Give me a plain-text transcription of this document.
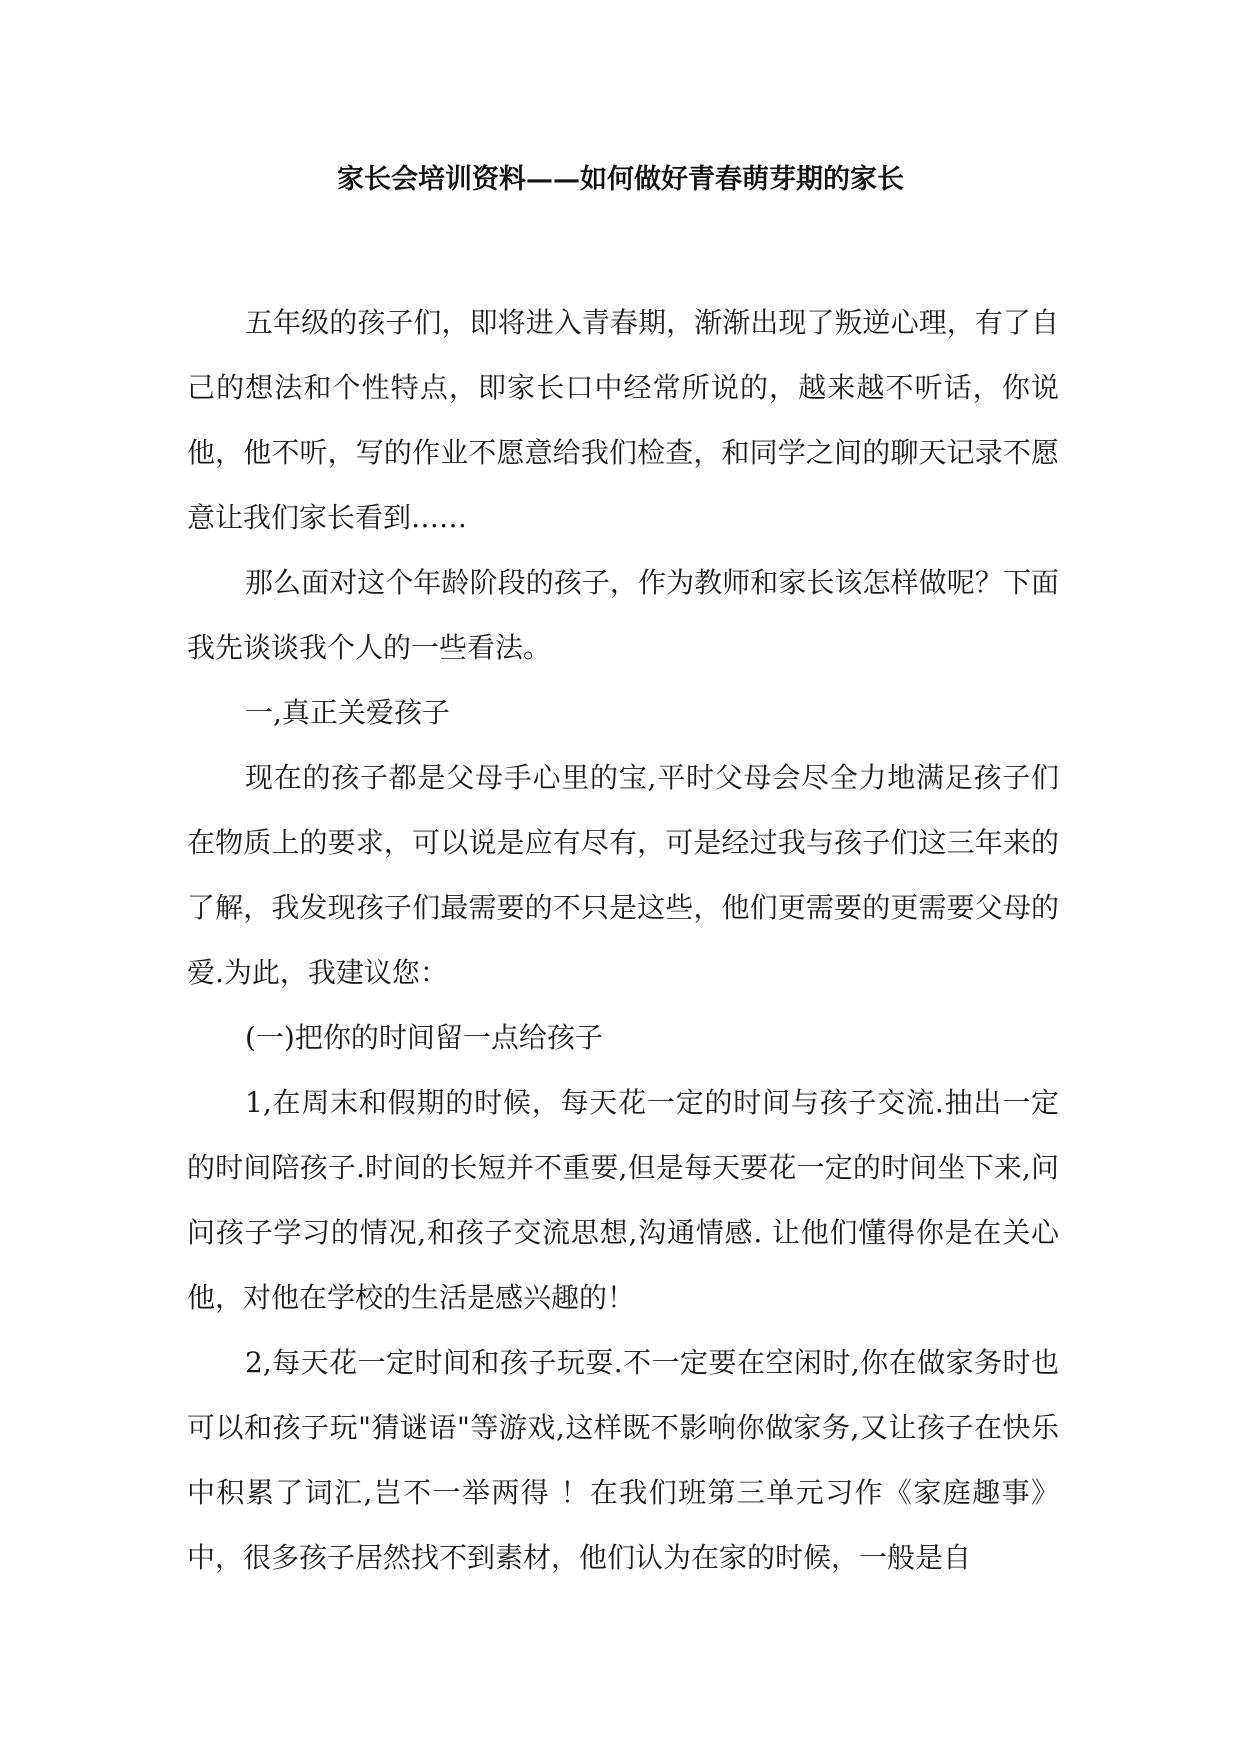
家长会培训资料——如何做好青春萌芽期的家长

五年级的孩子们，即将进入青春期，渐渐出现了叛逆心理，有了自己的想法和个性特点，即家长口中经常所说的，越来越不听话，你说他，他不听，写的作业不愿意给我们检查，和同学之间的聊天记录不愿意让我们家长看到……

那么面对这个年龄阶段的孩子，作为教师和家长该怎样做呢？下面我先谈谈我个人的一些看法。

一,真正关爱孩子

现在的孩子都是父母手心里的宝,平时父母会尽全力地满足孩子们在物质上的要求，可以说是应有尽有，可是经过我与孩子们这三年来的了解，我发现孩子们最需要的不只是这些，他们更需要的更需要父母的爱.为此，我建议您：

(一)把你的时间留一点给孩子

1,在周末和假期的时候，每天花一定的时间与孩子交流.抽出一定的时间陪孩子.时间的长短并不重要,但是每天要花一定的时间坐下来,问问孩子学习的情况,和孩子交流思想,沟通情感. 让他们懂得你是在关心他，对他在学校的生活是感兴趣的！

2,每天花一定时间和孩子玩耍.不一定要在空闲时,你在做家务时也可以和孩子玩"猜谜语"等游戏,这样既不影响你做家务,又让孩子在快乐中积累了词汇,岂不一举两得 ！在我们班第三单元习作《家庭趣事》中，很多孩子居然找不到素材，他们认为在家的时候，一般是自
